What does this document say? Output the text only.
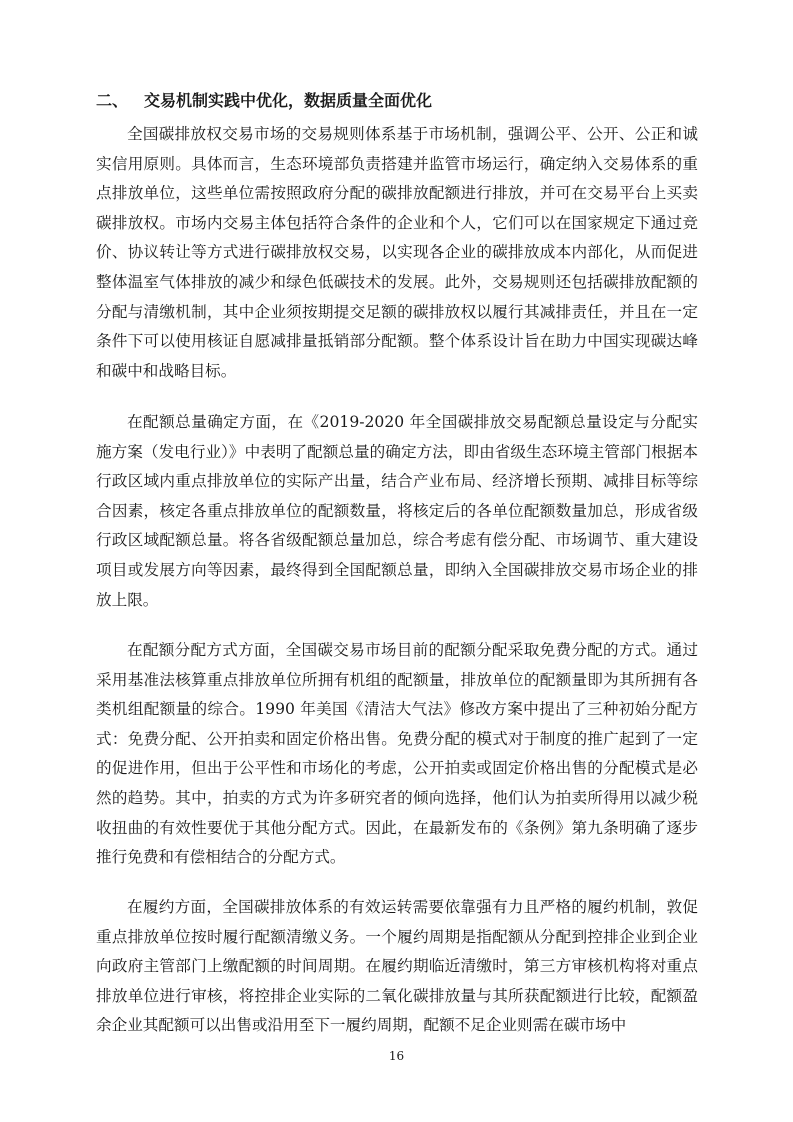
二、 交易机制实践中优化，数据质量全面优化

全国碳排放权交易市场的交易规则体系基于市场机制，强调公平、公开、公正和诚实信用原则。具体而言，生态环境部负责搭建并监管市场运行，确定纳入交易体系的重点排放单位，这些单位需按照政府分配的碳排放配额进行排放，并可在交易平台上买卖碳排放权。市场内交易主体包括符合条件的企业和个人，它们可以在国家规定下通过竞价、协议转让等方式进行碳排放权交易，以实现各企业的碳排放成本内部化，从而促进整体温室气体排放的减少和绿色低碳技术的发展。此外，交易规则还包括碳排放配额的分配与清缴机制，其中企业须按期提交足额的碳排放权以履行其减排责任，并且在一定条件下可以使用核证自愿减排量抵销部分配额。整个体系设计旨在助力中国实现碳达峰和碳中和战略目标。

在配额总量确定方面，在《2019-2020 年全国碳排放交易配额总量设定与分配实施方案（发电行业）》中表明了配额总量的确定方法，即由省级生态环境主管部门根据本行政区域内重点排放单位的实际产出量，结合产业布局、经济增长预期、减排目标等综合因素，核定各重点排放单位的配额数量，将核定后的各单位配额数量加总，形成省级行政区域配额总量。将各省级配额总量加总，综合考虑有偿分配、市场调节、重大建设项目或发展方向等因素，最终得到全国配额总量，即纳入全国碳排放交易市场企业的排放上限。

在配额分配方式方面，全国碳交易市场目前的配额分配采取免费分配的方式。通过采用基准法核算重点排放单位所拥有机组的配额量，排放单位的配额量即为其所拥有各类机组配额量的综合。1990 年美国《清洁大气法》修改方案中提出了三种初始分配方式：免费分配、公开拍卖和固定价格出售。免费分配的模式对于制度的推广起到了一定的促进作用，但出于公平性和市场化的考虑，公开拍卖或固定价格出售的分配模式是必然的趋势。其中，拍卖的方式为许多研究者的倾向选择，他们认为拍卖所得用以减少税收扭曲的有效性要优于其他分配方式。因此，在最新发布的《条例》第九条明确了逐步推行免费和有偿相结合的分配方式。

在履约方面，全国碳排放体系的有效运转需要依靠强有力且严格的履约机制，敦促重点排放单位按时履行配额清缴义务。一个履约周期是指配额从分配到控排企业到企业向政府主管部门上缴配额的时间周期。在履约期临近清缴时，第三方审核机构将对重点排放单位进行审核，将控排企业实际的二氧化碳排放量与其所获配额进行比较，配额盈余企业其配额可以出售或沿用至下一履约周期，配额不足企业则需在碳市场中

16
